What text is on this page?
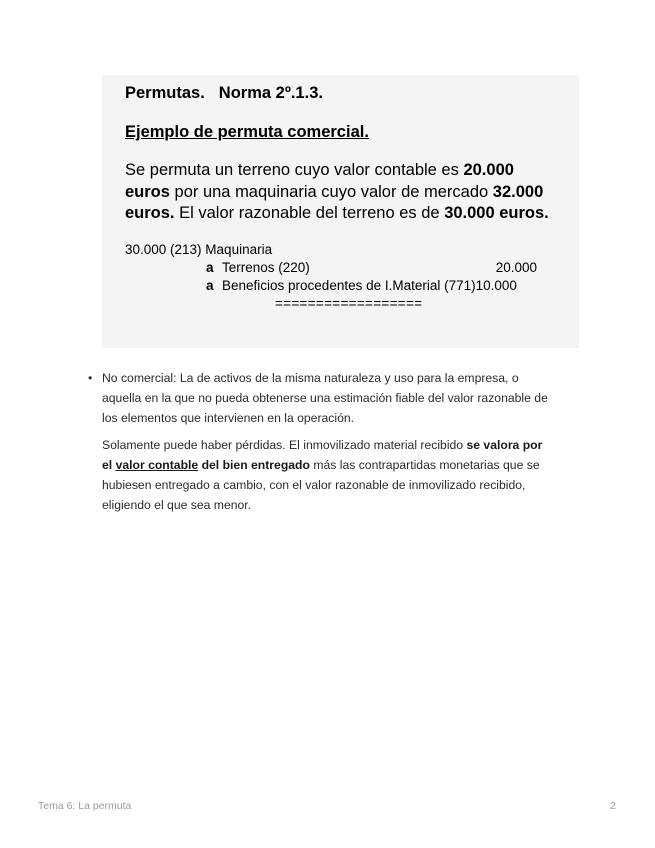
Permutas. Norma 2º.1.3.

Ejemplo de permuta comercial.

Se permuta un terreno cuyo valor contable es 20.000 euros por una maquinaria cuyo valor de mercado 32.000 euros. El valor razonable del terreno es de 30.000 euros.

30.000 (213) Maquinaria
a Terrenos (220)	20.000
a Beneficios procedentes de I.Material (771)10.000
==================
• No comercial: La de activos de la misma naturaleza y uso para la empresa, o aquella en la que no pueda obtenerse una estimación fiable del valor razonable de los elementos que intervienen en la operación.

Solamente puede haber pérdidas. El inmovilizado material recibido se valora por el valor contable del bien entregado más las contrapartidas monetarias que se hubiesen entregado a cambio, con el valor razonable de inmovilizado recibido, eligiendo el que sea menor.

Tema 6: La permuta	2
